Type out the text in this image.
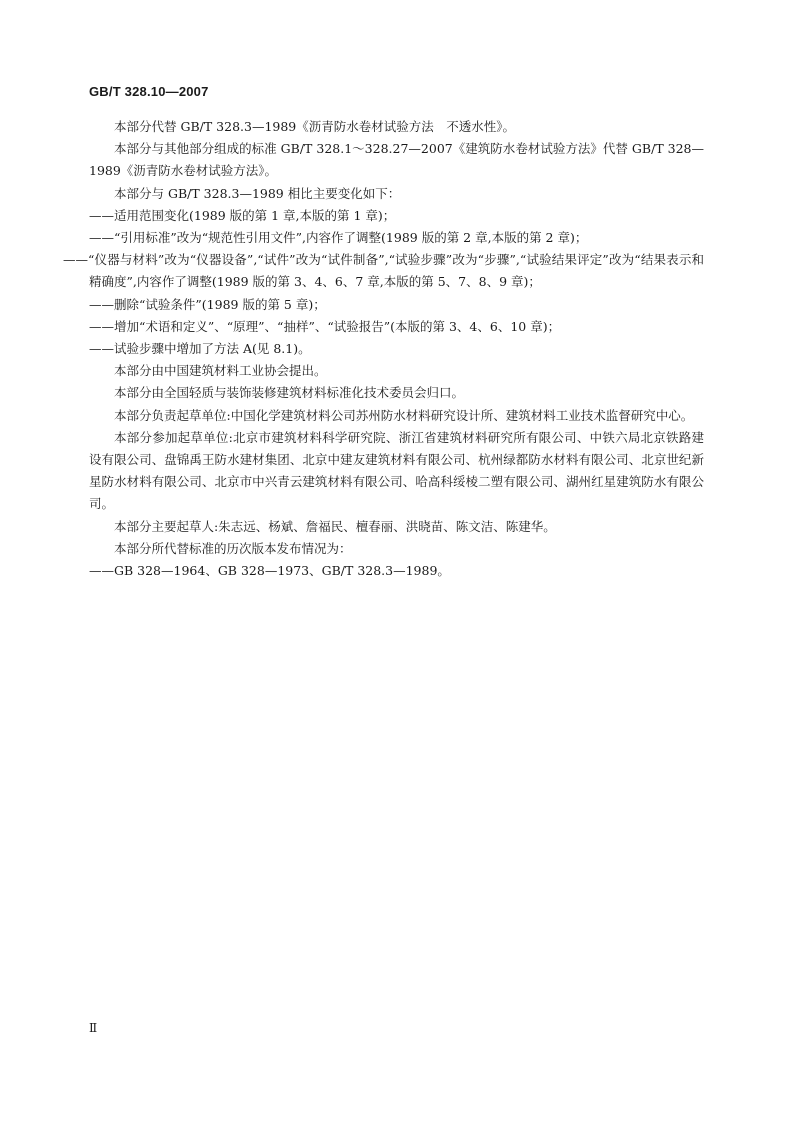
GB/T 328.10—2007

本部分代替 GB/T 328.3—1989《沥青防水卷材试验方法　不透水性》。

本部分与其他部分组成的标准 GB/T 328.1～328.27—2007《建筑防水卷材试验方法》代替 GB/T 328—1989《沥青防水卷材试验方法》。

本部分与 GB/T 328.3—1989 相比主要变化如下：

——适用范围变化(1989 版的第 1 章,本版的第 1 章)；

——“引用标准”改为“规范性引用文件”,内容作了调整(1989 版的第 2 章,本版的第 2 章)；

——“仪器与材料”改为“仪器设备”,“试件”改为“试件制备”,“试验步骤”改为“步骤”,“试验结果评定”改为“结果表示和精确度”,内容作了调整(1989 版的第 3、4、6、7 章,本版的第 5、7、8、9 章)；

——删除“试验条件”(1989 版的第 5 章)；

——增加“术语和定义”、“原理”、“抽样”、“试验报告”(本版的第 3、4、6、10 章)；

——试验步骤中增加了方法 A(见 8.1)。

本部分由中国建筑材料工业协会提出。

本部分由全国轻质与装饰装修建筑材料标准化技术委员会归口。

本部分负责起草单位:中国化学建筑材料公司苏州防水材料研究设计所、建筑材料工业技术监督研究中心。

本部分参加起草单位:北京市建筑材料科学研究院、浙江省建筑材料研究所有限公司、中铁六局北京铁路建设有限公司、盘锦禹王防水建材集团、北京中建友建筑材料有限公司、杭州绿都防水材料有限公司、北京世纪新星防水材料有限公司、北京市中兴青云建筑材料有限公司、哈高科绥棱二塑有限公司、湖州红星建筑防水有限公司。

本部分主要起草人:朱志远、杨斌、詹福民、檀春丽、洪晓苗、陈文洁、陈建华。

本部分所代替标准的历次版本发布情况为：

——GB 328—1964、GB 328—1973、GB/T 328.3—1989。

Ⅱ
